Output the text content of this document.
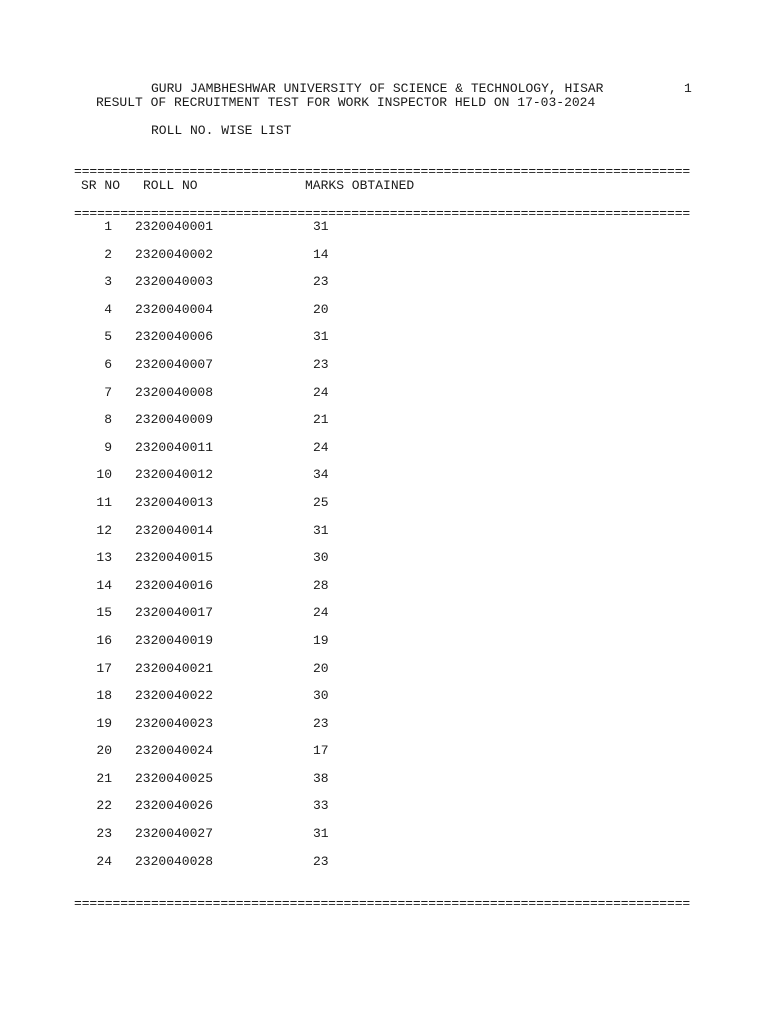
GURU JAMBHESHWAR UNIVERSITY OF SCIENCE & TECHNOLOGY, HISAR	1
RESULT OF RECRUITMENT TEST FOR WORK INSPECTOR HELD ON 17-03-2024
ROLL NO. WISE LIST
================================================================================
SR NO ROLL NO	MARKS OBTAINED
================================================================================
1 2320040001	31
2 2320040002	14
3 2320040003	23
4 2320040004	20
5 2320040006	31
6 2320040007	23
7 2320040008	24
8 2320040009	21
9 2320040011	24
10 2320040012	34
11 2320040013	25
12 2320040014	31
13 2320040015	30
14 2320040016	28
15 2320040017	24
16 2320040019	19
17 2320040021	20
18 2320040022	30
19 2320040023	23
20 2320040024	17
21 2320040025	38
22 2320040026	33
23 2320040027	31
24 2320040028	23
================================================================================
